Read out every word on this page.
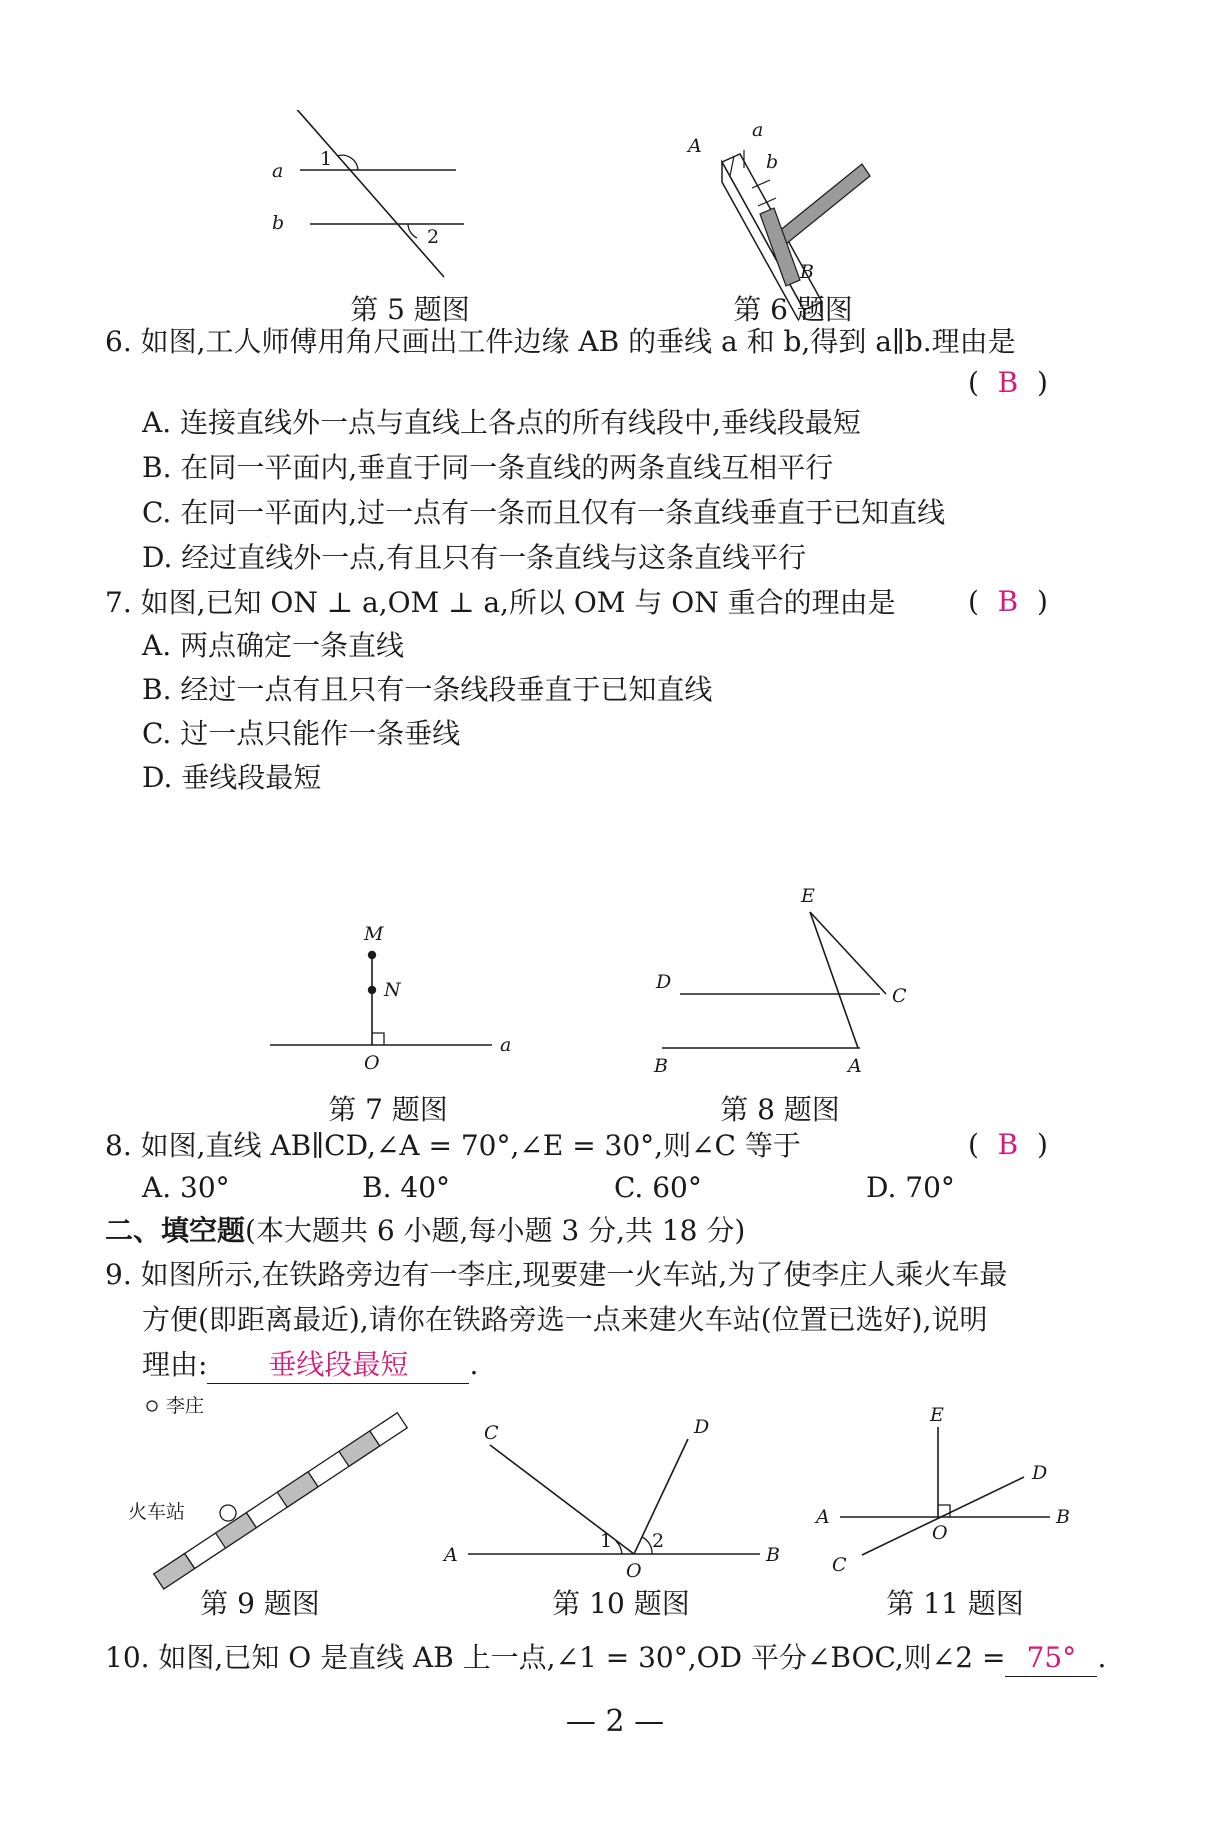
a
b
1
2
第 5 题图
A
a
b
B
第 6 题图
6. 如图,工人师傅用角尺画出工件边缘 AB 的垂线 a 和 b,得到 a∥b.理由是
( B )
A. 连接直线外一点与直线上各点的所有线段中,垂线段最短
B. 在同一平面内,垂直于同一条直线的两条直线互相平行
C. 在同一平面内,过一点有一条而且仅有一条直线垂直于已知直线
D. 经过直线外一点,有且只有一条直线与这条直线平行
7. 如图,已知 ON ⊥ a,OM ⊥ a,所以 OM 与 ON 重合的理由是	( B )
A. 两点确定一条直线
B. 经过一点有且只有一条线段垂直于已知直线
C. 过一点只能作一条垂线
D. 垂线段最短
M
N
O
a
第 7 题图
E
D
C
B	A
第 8 题图
8. 如图,直线 AB∥CD,∠A = 70°,∠E = 30°,则∠C 等于	( B )
A. 30°	B. 40°	C. 60°	D. 70°
二、填空题(本大题共 6 小题,每小题 3 分,共 18 分)
9. 如图所示,在铁路旁边有一李庄,现要建一火车站,为了使李庄人乘火车最
方便(即距离最近),请你在铁路旁选一点来建火车站(位置已选好),说明
理由: 垂线段最短 .
李庄
火车站
第 9 题图
C	D
A
O
B
1 2
第 10 题图
E
D
A
O
B
C
第 11 题图
10. 如图,已知 O 是直线 AB 上一点,∠1 = 30°,OD 平分∠BOC,则∠2 = 75° .
— 2 —
